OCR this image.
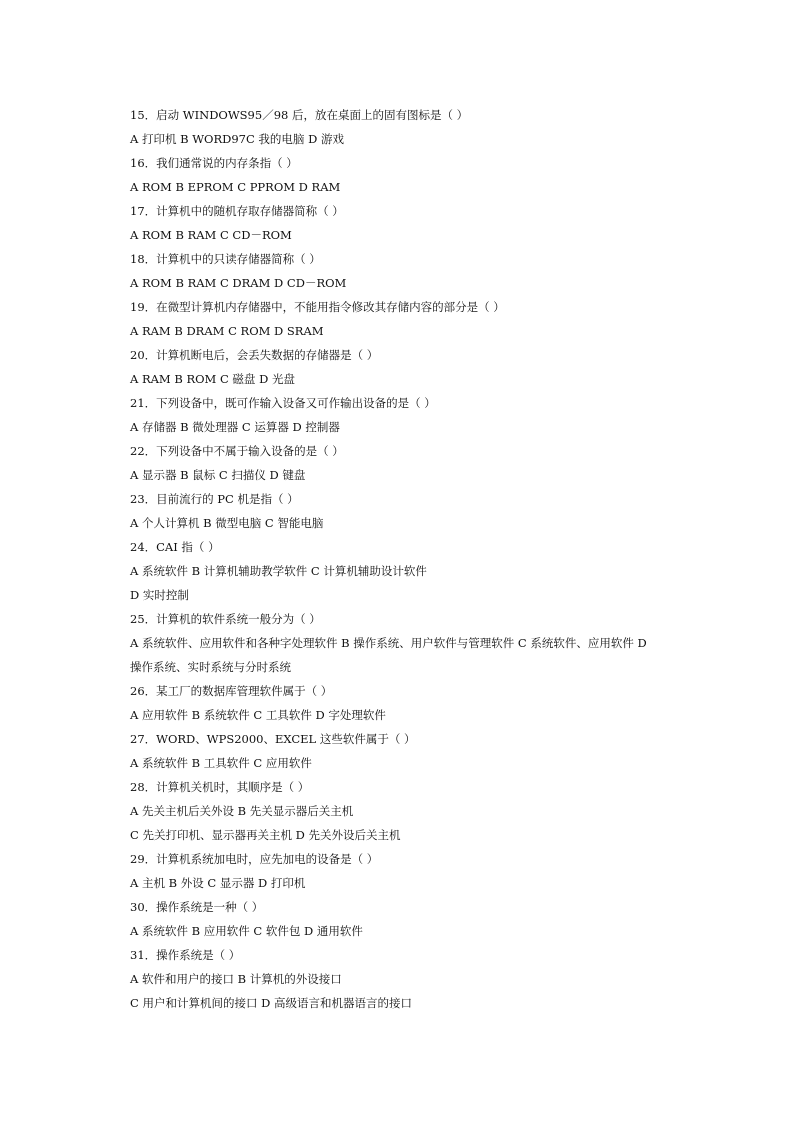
15．启动 WINDOWS95／98 后，放在桌面上的固有图标是（ ）
A 打印机 B WORD97C 我的电脑 D 游戏
16．我们通常说的内存条指（ ）
A ROM B EPROM C PPROM D RAM
17．计算机中的随机存取存储器简称（ ）
A ROM B RAM C CD－ROM
18．计算机中的只读存储器简称（ ）
A ROM B RAM C DRAM D CD－ROM
19．在微型计算机内存储器中，不能用指令修改其存储内容的部分是（ ）
A RAM B DRAM C ROM D SRAM
20．计算机断电后，会丢失数据的存储器是（ ）
A RAM B ROM C 磁盘 D 光盘
21．下列设备中，既可作输入设备又可作输出设备的是（ ）
A 存储器 B 微处理器 C 运算器 D 控制器
22．下列设备中不属于输入设备的是（ ）
A 显示器 B 鼠标 C 扫描仪 D 键盘
23．目前流行的 PC 机是指（ ）
A 个人计算机 B 微型电脑 C 智能电脑
24．CAI 指（ ）
A 系统软件 B 计算机辅助教学软件 C 计算机辅助设计软件
D 实时控制
25．计算机的软件系统一般分为（ ）
A 系统软件、应用软件和各种字处理软件 B 操作系统、用户软件与管理软件 C 系统软件、应用软件 D
操作系统、实时系统与分时系统
26．某工厂的数据库管理软件属于（ ）
A 应用软件 B 系统软件 C 工具软件 D 字处理软件
27．WORD、WPS2000、EXCEL 这些软件属于（ ）
A 系统软件 B 工具软件 C 应用软件
28．计算机关机时，其顺序是（ ）
A 先关主机后关外设 B 先关显示器后关主机
C 先关打印机、显示器再关主机 D 先关外设后关主机
29．计算机系统加电时，应先加电的设备是（ ）
A 主机 B 外设 C 显示器 D 打印机
30．操作系统是一种（ ）
A 系统软件 B 应用软件 C 软件包 D 通用软件
31．操作系统是（ ）
A 软件和用户的接口 B 计算机的外设接口
C 用户和计算机间的接口 D 高级语言和机器语言的接口
